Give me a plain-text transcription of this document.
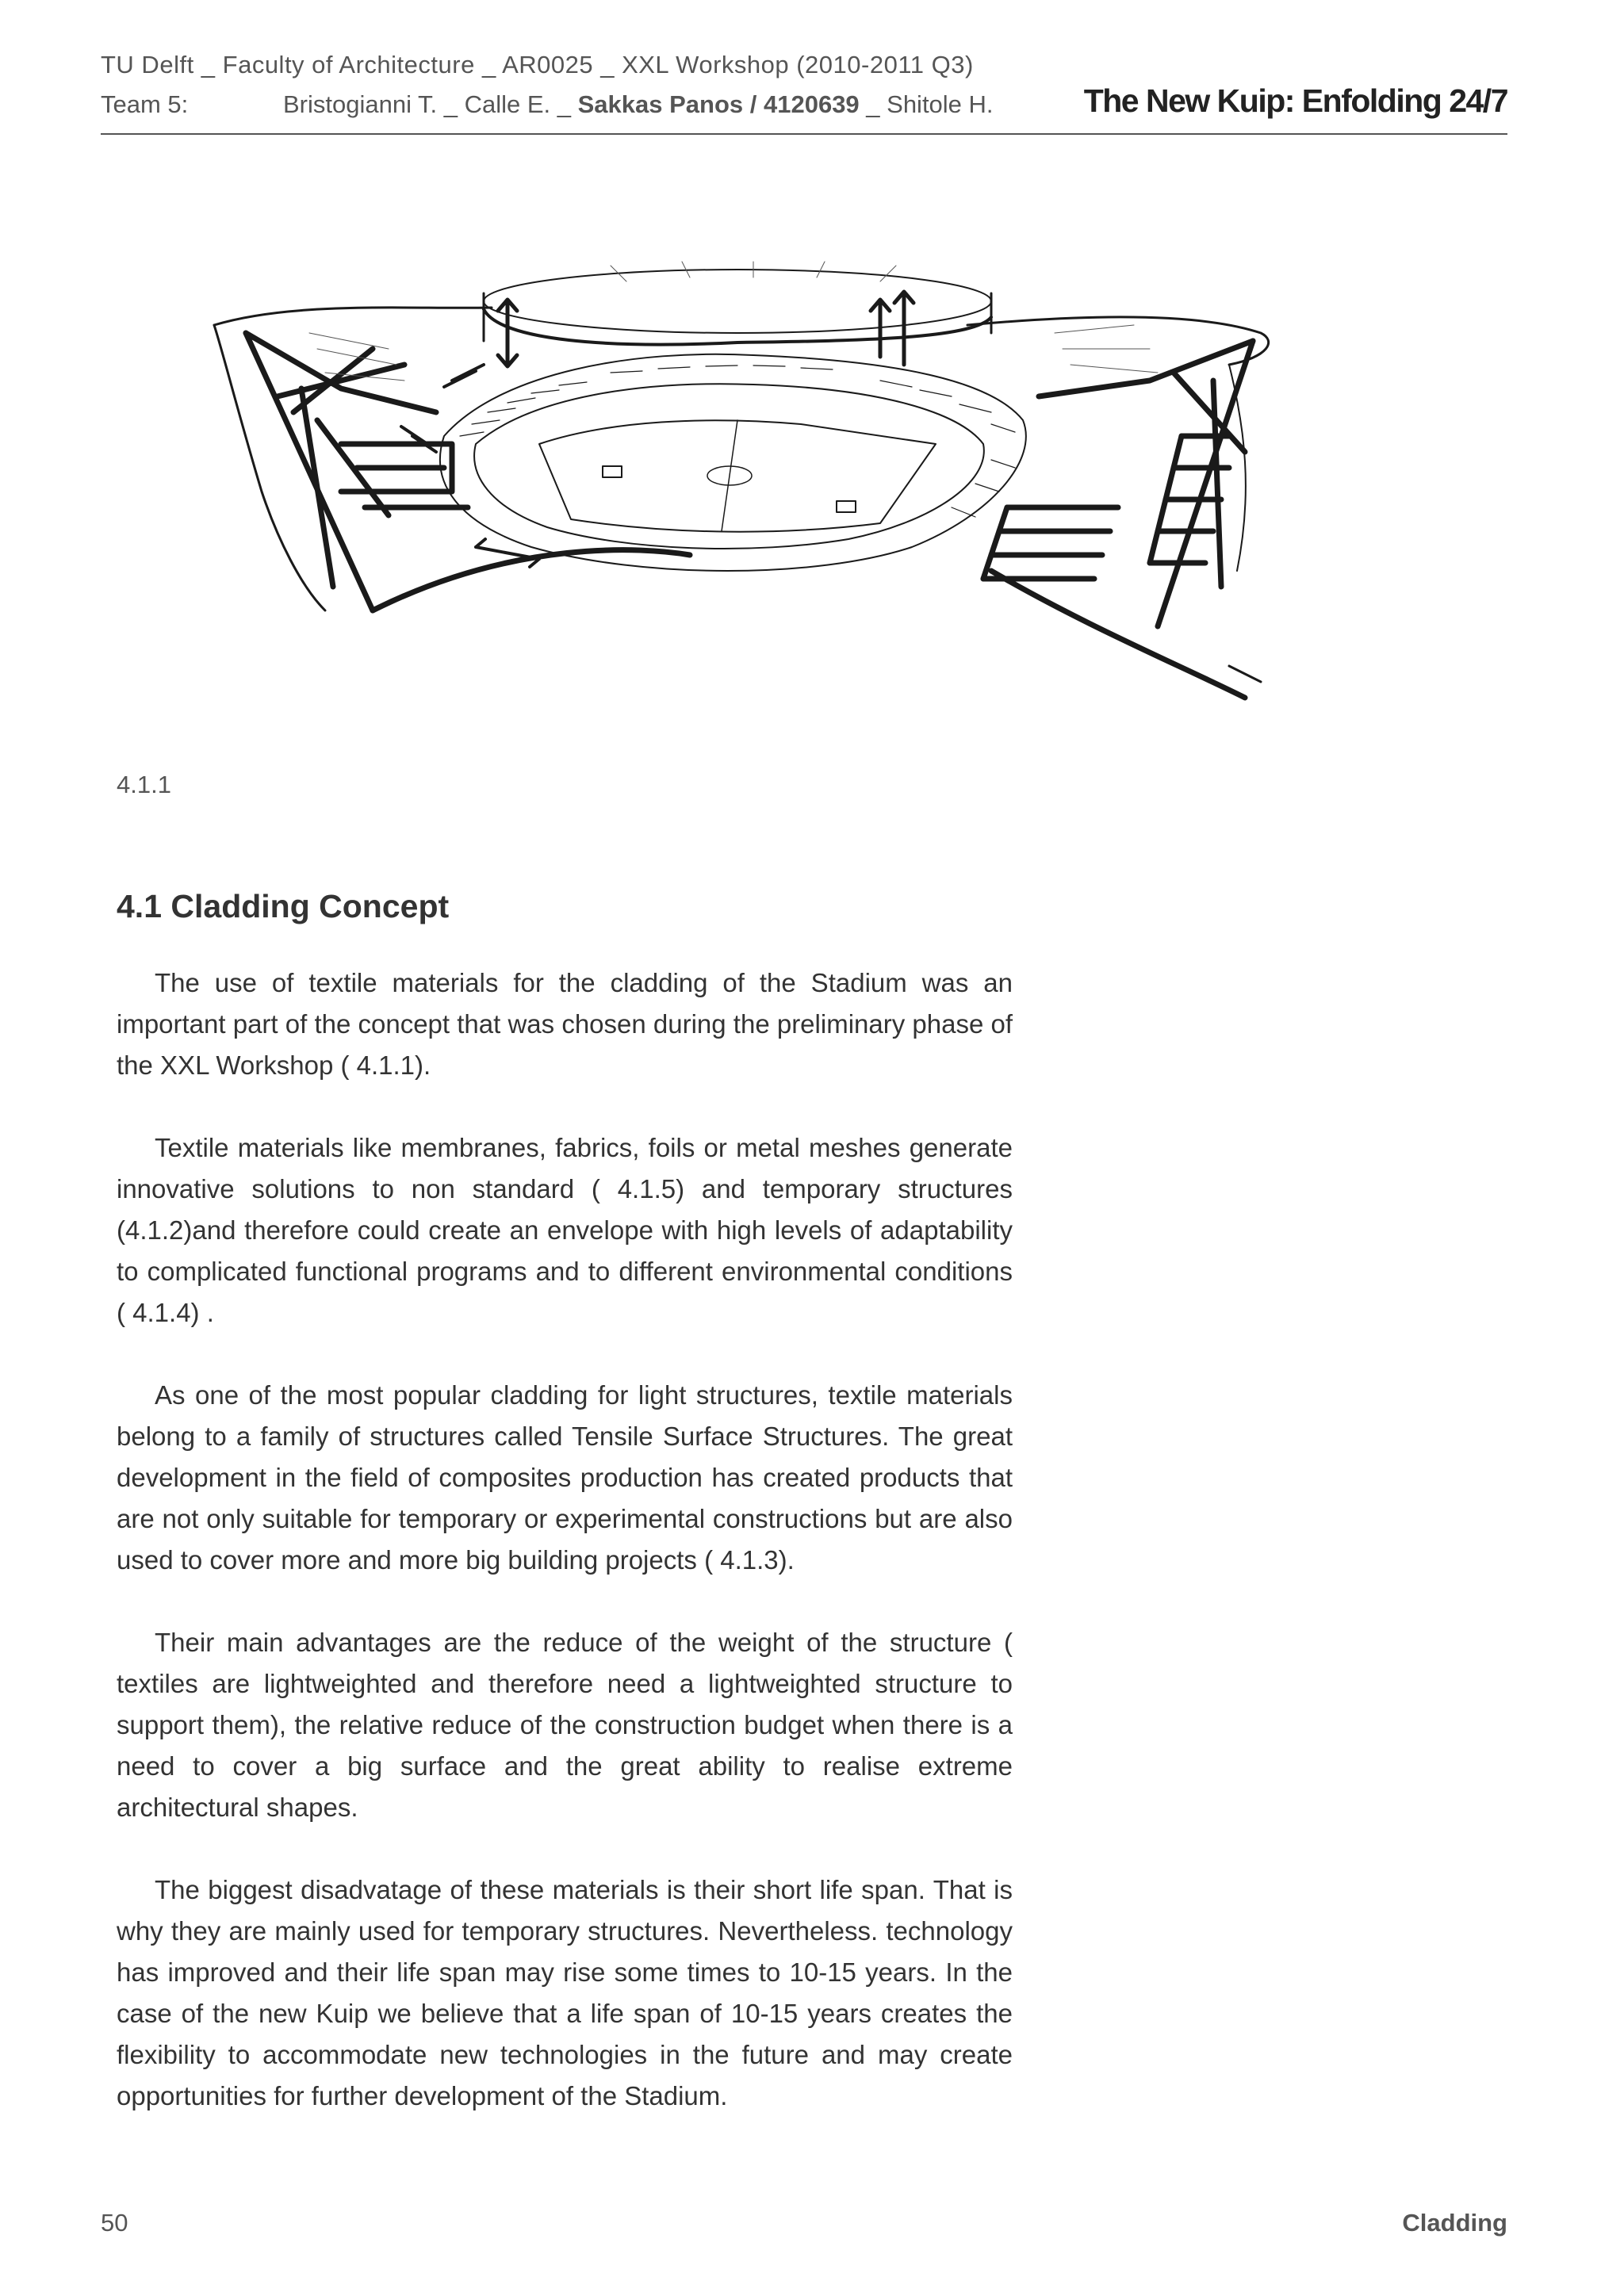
TU Delft _ Faculty of Architecture _ AR0025 _ XXL Workshop (2010-2011 Q3)
Team 5:	Bristogianni T. _ Calle E. _ Sakkas Panos / 4120639 _ Shitole H.	The New Kuip: Enfolding 24/7
4.1.1
4.1 Cladding Concept

The use of textile materials for the cladding of the Stadium was an important part of the concept that was chosen during the preliminary phase of the XXL Workshop ( 4.1.1).

Textile materials like membranes, fabrics, foils or metal meshes generate innovative solutions to non standard ( 4.1.5) and temporary structures (4.1.2)and therefore could create an envelope with high levels of adaptability to complicated functional programs and to different environmental conditions ( 4.1.4) .

As one of the most popular cladding for light structures, textile materials belong to a family of structures called Tensile Surface Structures. The great development in the field of composites production has created products that are not only suitable for temporary or experimental constructions but are also used to cover more and more big building projects ( 4.1.3).

Their main advantages are the reduce of the weight of the structure ( textiles are lightweighted and therefore need a lightweighted structure to support them), the relative reduce of the construction budget when there is a need to cover a big surface and the great ability to realise extreme architectural shapes.

The biggest disadvatage of these materials is their short life span. That is why they are mainly used for temporary structures. Nevertheless. technology has improved and their life span may rise some times to 10-15 years. In the case of the new Kuip we believe that a life span of 10-15 years creates the flexibility to accommodate new technologies in the future and may create opportunities for further development of the Stadium.

50	Cladding
